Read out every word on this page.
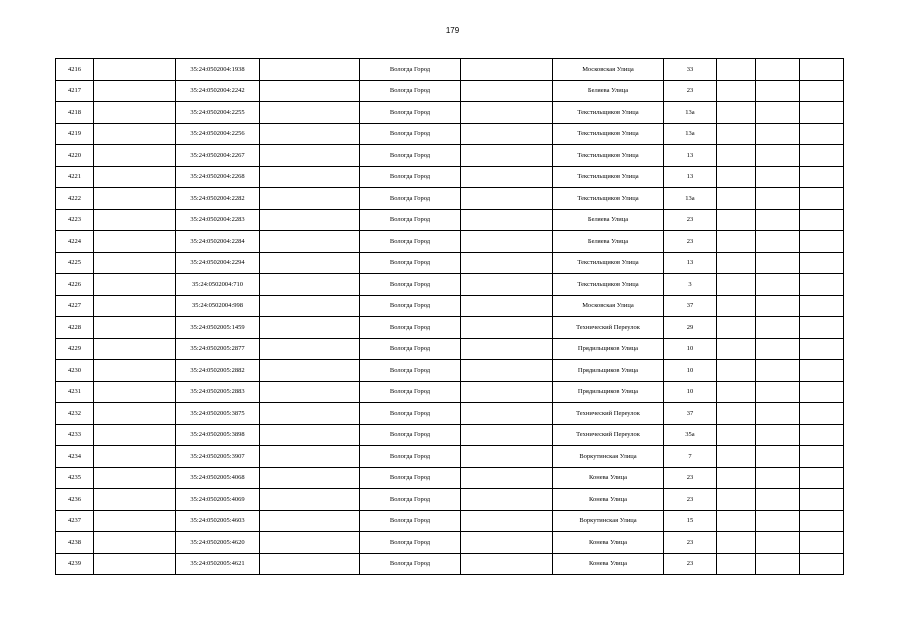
179
4216		35:24:0502004:1938		Вологда Город		Московская Улица	33			
4217		35:24:0502004:2242		Вологда Город		Беляева Улица	23			
4218		35:24:0502004:2255		Вологда Город		Текстильщиков Улица	13а			
4219		35:24:0502004:2256		Вологда Город		Текстильщиков Улица	13а			
4220		35:24:0502004:2267		Вологда Город		Текстильщиков Улица	13			
4221		35:24:0502004:2268		Вологда Город		Текстильщиков Улица	13			
4222		35:24:0502004:2282		Вологда Город		Текстильщиков Улица	13а			
4223		35:24:0502004:2283		Вологда Город		Беляева Улица	23			
4224		35:24:0502004:2284		Вологда Город		Беляева Улица	23			
4225		35:24:0502004:2294		Вологда Город		Текстильщиков Улица	13			
4226		35:24:0502004:710		Вологда Город		Текстильщиков Улица	3			
4227		35:24:0502004:998		Вологда Город		Московская Улица	37			
4228		35:24:0502005:1459		Вологда Город		Технический Переулок	29			
4229		35:24:0502005:2877		Вологда Город		Прядильщиков Улица	10			
4230		35:24:0502005:2882		Вологда Город		Прядильщиков Улица	10			
4231		35:24:0502005:2883		Вологда Город		Прядильщиков Улица	10			
4232		35:24:0502005:3875		Вологда Город		Технический Переулок	37			
4233		35:24:0502005:3898		Вологда Город		Технический Переулок	35а			
4234		35:24:0502005:3907		Вологда Город		Воркутинская Улица	7			
4235		35:24:0502005:4068		Вологда Город		Конева Улица	23			
4236		35:24:0502005:4069		Вологда Город		Конева Улица	23			
4237		35:24:0502005:4603		Вологда Город		Воркутинская Улица	15			
4238		35:24:0502005:4620		Вологда Город		Конева Улица	23			
4239		35:24:0502005:4621		Вологда Город		Конева Улица	23			
